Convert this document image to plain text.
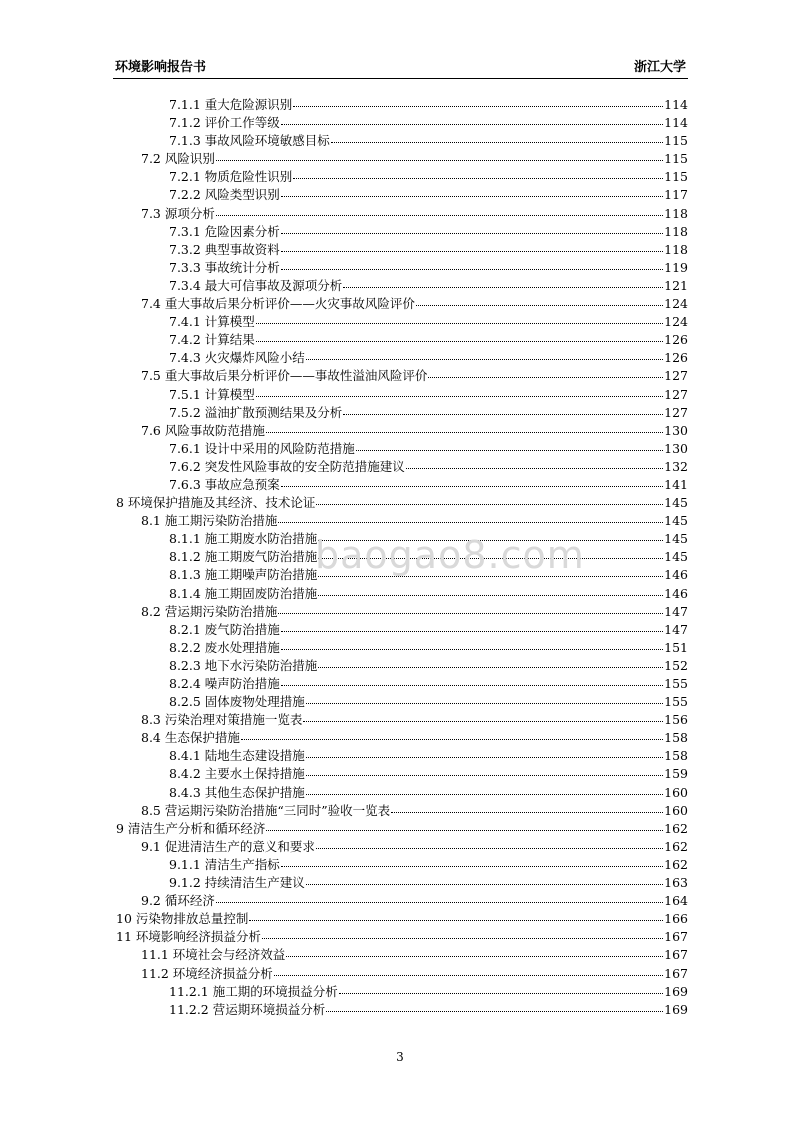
环境影响报告书	浙江大学
7.1.1 重大危险源识别	114
7.1.2 评价工作等级	114
7.1.3 事故风险环境敏感目标	115
7.2 风险识别	115
7.2.1 物质危险性识别	115
7.2.2 风险类型识别	117
7.3 源项分析	118
7.3.1 危险因素分析	118
7.3.2 典型事故资料	118
7.3.3 事故统计分析	119
7.3.4 最大可信事故及源项分析	121
7.4 重大事故后果分析评价——火灾事故风险评价	124
7.4.1 计算模型	124
7.4.2 计算结果	126
7.4.3 火灾爆炸风险小结	126
7.5 重大事故后果分析评价——事故性溢油风险评价	127
7.5.1 计算模型	127
7.5.2 溢油扩散预测结果及分析	127
7.6 风险事故防范措施	130
7.6.1 设计中采用的风险防范措施	130
7.6.2 突发性风险事故的安全防范措施建议	132
7.6.3 事故应急预案	141
8 环境保护措施及其经济、技术论证	145
8.1 施工期污染防治措施	145
8.1.1 施工期废水防治措施	145
8.1.2 施工期废气防治措施	145
8.1.3 施工期噪声防治措施	146
8.1.4 施工期固废防治措施	146
8.2 营运期污染防治措施	147
8.2.1 废气防治措施	147
8.2.2 废水处理措施	151
8.2.3 地下水污染防治措施	152
8.2.4 噪声防治措施	155
8.2.5 固体废物处理措施	155
8.3 污染治理对策措施一览表	156
8.4 生态保护措施	158
8.4.1 陆地生态建设措施	158
8.4.2 主要水土保持措施	159
8.4.3 其他生态保护措施	160
8.5 营运期污染防治措施“三同时”验收一览表	160
9 清洁生产分析和循环经济	162
9.1 促进清洁生产的意义和要求	162
9.1.1 清洁生产指标	162
9.1.2 持续清洁生产建议	163
9.2 循环经济	164
10 污染物排放总量控制	166
11 环境影响经济损益分析	167
11.1 环境社会与经济效益	167
11.2 环境经济损益分析	167
11.2.1 施工期的环境损益分析	169
11.2.2 营运期环境损益分析	169
baogao8.com
3
